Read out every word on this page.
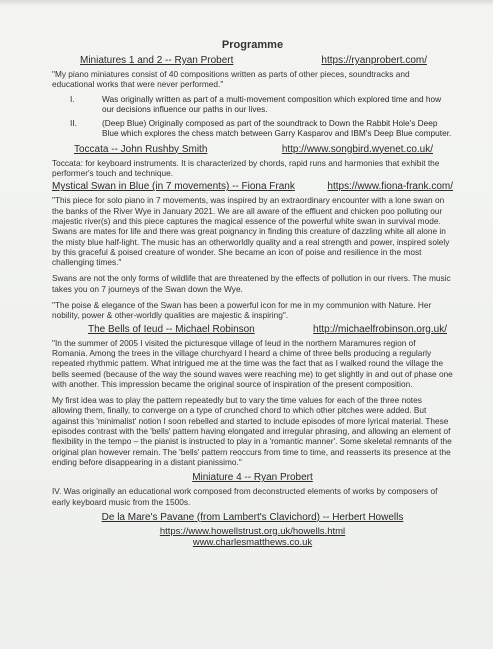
Programme
Miniatures 1 and 2 -- Ryan Probert	https://ryanprobert.com/

"My piano miniatures consist of 40 compositions written as parts of other pieces, soundtracks and educational works that were never performed."

I.	Was originally written as part of a multi-movement composition which explored time and how our decisions influence our paths in our lives.
II.	(Deep Blue) Originally composed as part of the soundtrack to Down the Rabbit Hole's Deep Blue which explores the chess match between Garry Kasparov and IBM's Deep Blue computer.
Toccata -- John Rushby Smith	http://www.songbird.wyenet.co.uk/

Toccata: for keyboard instruments. It is characterized by chords, rapid runs and harmonies that exhibit the performer's touch and technique.

Mystical Swan in Blue (in 7 movements) -- Fiona Frank	https://www.fiona-frank.com/

"This piece for solo piano in 7 movements, was inspired by an extraordinary encounter with a lone swan on the banks of the River Wye in January 2021. We are all aware of the effluent and chicken poo polluting our majestic river(s) and this piece captures the magical essence of the powerful white swan in survival mode. Swans are mates for life and there was great poignancy in finding this creature of dazzling white all alone in the misty blue half-light. The music has an otherworldly quality and a real strength and power, inspired solely by this graceful & poised creature of wonder. She became an icon of poise and resilience in the most challenging times."

Swans are not the only forms of wildlife that are threatened by the effects of pollution in our rivers. The music takes you on 7 journeys of the Swan down the Wye.

"The poise & elegance of the Swan has been a powerful icon for me in my communion with Nature. Her nobility, power & other-worldly qualities are majestic & inspiring".

The Bells of Ieud -- Michael Robinson	http://michaelfrobinson.org.uk/

"In the summer of 2005 I visited the picturesque village of Ieud in the northern Maramures region of Romania. Among the trees in the village churchyard I heard a chime of three bells producing a regularly repeated rhythmic pattern. What intrigued me at the time was the fact that as I walked round the village the bells seemed (because of the way the sound waves were reaching me) to get slightly in and out of phase one with another. This impression became the original source of inspiration of the present composition.

My first idea was to play the pattern repeatedly but to vary the time values for each of the three notes allowing them, finally, to converge on a type of crunched chord to which other pitches were added. But against this 'minimalist' notion I soon rebelled and started to include episodes of more lyrical material. These episodes contrast with the 'bells' pattern having elongated and irregular phrasing, and allowing an element of flexibility in the tempo – the pianist is instructed to play in a 'romantic manner'. Some skeletal remnants of the original plan however remain. The 'bells' pattern reoccurs from time to time, and reasserts its presence at the ending before disappearing in a distant pianissimo."

Miniature 4 -- Ryan Probert

IV. Was originally an educational work composed from deconstructed elements of works by composers of early keyboard music from the 1500s.

De la Mare's Pavane (from Lambert's Clavichord) -- Herbert Howells
https://www.howellstrust.org.uk/howells.html
www.charlesmatthews.co.uk
